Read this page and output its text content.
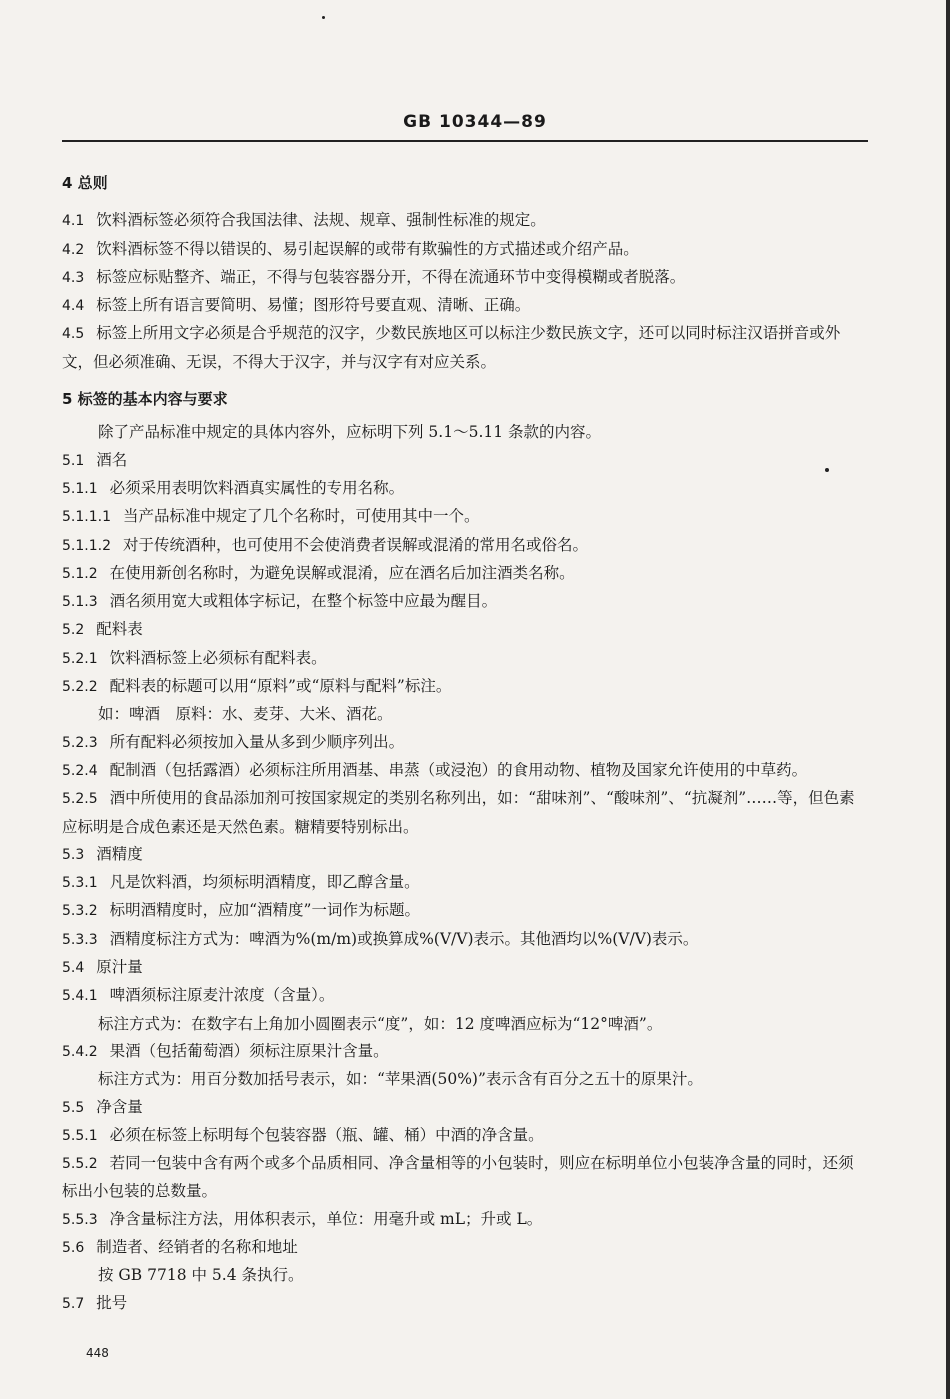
GB 10344—89

4 总则

4.1 饮料酒标签必须符合我国法律、法规、规章、强制性标准的规定。

4.2 饮料酒标签不得以错误的、易引起误解的或带有欺骗性的方式描述或介绍产品。

4.3 标签应标贴整齐、端正，不得与包装容器分开，不得在流通环节中变得模糊或者脱落。

4.4 标签上所有语言要简明、易懂；图形符号要直观、清晰、正确。

4.5 标签上所用文字必须是合乎规范的汉字，少数民族地区可以标注少数民族文字，还可以同时标注汉语拼音或外文，但必须准确、无误，不得大于汉字，并与汉字有对应关系。

5 标签的基本内容与要求

除了产品标准中规定的具体内容外，应标明下列 5.1～5.11 条款的内容。

5.1 酒名

5.1.1 必须采用表明饮料酒真实属性的专用名称。

5.1.1.1 当产品标准中规定了几个名称时，可使用其中一个。

5.1.1.2 对于传统酒种，也可使用不会使消费者误解或混淆的常用名或俗名。

5.1.2 在使用新创名称时，为避免误解或混淆，应在酒名后加注酒类名称。

5.1.3 酒名须用宽大或粗体字标记，在整个标签中应最为醒目。

5.2 配料表

5.2.1 饮料酒标签上必须标有配料表。

5.2.2 配料表的标题可以用“原料”或“原料与配料”标注。

如：啤酒　原料：水、麦芽、大米、酒花。

5.2.3 所有配料必须按加入量从多到少顺序列出。

5.2.4 配制酒（包括露酒）必须标注所用酒基、串蒸（或浸泡）的食用动物、植物及国家允许使用的中草药。

5.2.5 酒中所使用的食品添加剂可按国家规定的类别名称列出，如：“甜味剂”、“酸味剂”、“抗凝剂”……等，但色素应标明是合成色素还是天然色素。糖精要特别标出。

5.3 酒精度

5.3.1 凡是饮料酒，均须标明酒精度，即乙醇含量。

5.3.2 标明酒精度时，应加“酒精度”一词作为标题。

5.3.3 酒精度标注方式为：啤酒为%(m/m)或换算成%(V/V)表示。其他酒均以%(V/V)表示。

5.4 原汁量

5.4.1 啤酒须标注原麦汁浓度（含量）。

标注方式为：在数字右上角加小圆圈表示“度”，如：12 度啤酒应标为“12°啤酒”。

5.4.2 果酒（包括葡萄酒）须标注原果汁含量。

标注方式为：用百分数加括号表示，如：“苹果酒(50%)”表示含有百分之五十的原果汁。

5.5 净含量

5.5.1 必须在标签上标明每个包装容器（瓶、罐、桶）中酒的净含量。

5.5.2 若同一包装中含有两个或多个品质相同、净含量相等的小包装时，则应在标明单位小包装净含量的同时，还须标出小包装的总数量。

5.5.3 净含量标注方法，用体积表示，单位：用毫升或 mL；升或 L。

5.6 制造者、经销者的名称和地址

按 GB 7718 中 5.4 条执行。

5.7 批号

448
